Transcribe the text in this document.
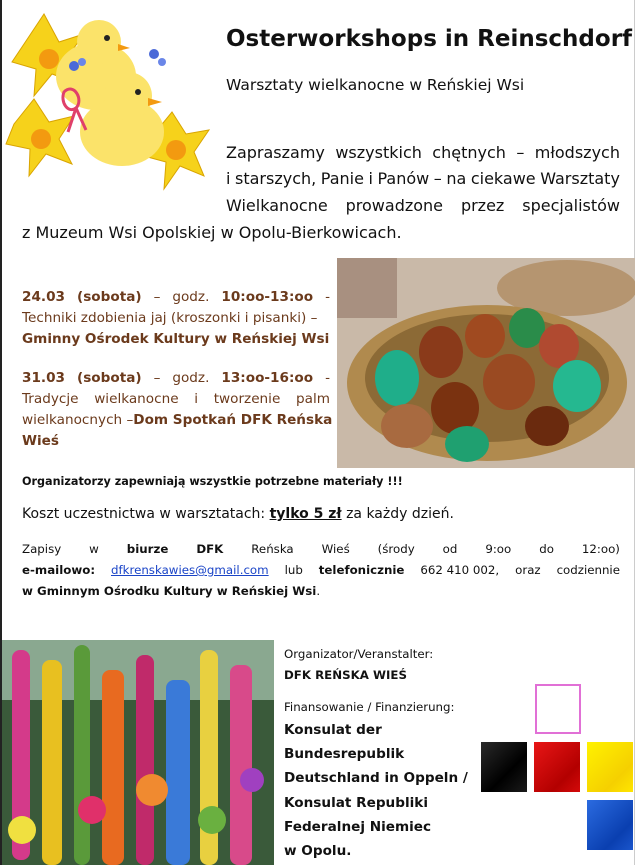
Osterworkshops in Reinschdorf
Warsztaty wielkanocne w Reńskiej Wsi
Zapraszamy wszystkich chętnych – młodszych
i starszych, Panie i Panów – na ciekawe Warsztaty
Wielkanocne prowadzone przez specjalistów
z Muzeum Wsi Opolskiej w Opolu-Bierkowicach.
24.03 (sobota) – godz. 10:oo-13:oo -
Techniki zdobienia jaj (kroszonki i pisanki) –
Gminny Ośrodek Kultury w Reńskiej Wsi
31.03 (sobota) – godz. 13:oo-16:oo -
Tradycje wielkanocne i tworzenie palm
wielkanocnych – Dom Spotkań DFK Reńska
Wieś
Organizatorzy zapewniają wszystkie potrzebne materiały !!!
Koszt uczestnictwa w warsztatach: tylko 5 zł za każdy dzień.
Zapisy w biurze DFK Reńska Wieś (środy od 9:oo do 12:oo)
e-mailowo: dfkrenskawies@gmail.com lub telefonicznie 662 410 002, oraz codziennie
w Gminnym Ośrodku Kultury w Reńskiej Wsi.
Organizator/Veranstalter:
DFK REŃSKA WIEŚ
Finansowanie / Finanzierung:
Konsulat der
Bundesrepublik
Deutschland in Oppeln /
Konsulat Republiki
Federalnej Niemiec
w Opolu.
